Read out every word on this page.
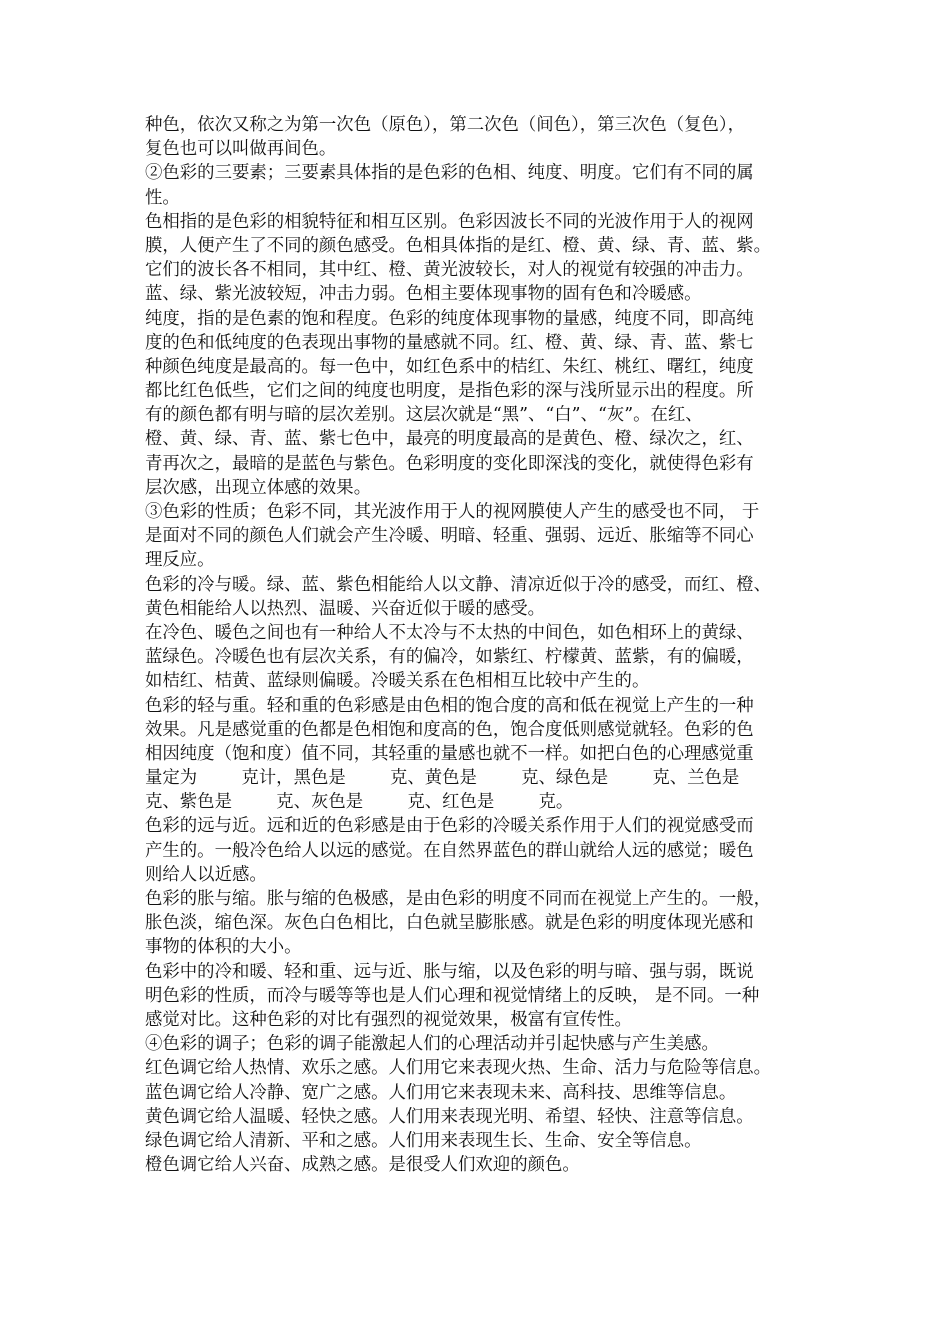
种色，依次又称之为第一次色（原色），第二次色（间色），第三次色（复色），
复色也可以叫做再间色。
②色彩的三要素；三要素具体指的是色彩的色相、纯度、明度。它们有不同的属
性。
色相指的是色彩的相貌特征和相互区别。色彩因波长不同的光波作用于人的视网
膜，人便产生了不同的颜色感受。色相具体指的是红、橙、黄、绿、青、蓝、紫。
它们的波长各不相同，其中红、橙、黄光波较长，对人的视觉有较强的冲击力。
蓝、绿、紫光波较短，冲击力弱。色相主要体现事物的固有色和冷暖感。
纯度，指的是色素的饱和程度。色彩的纯度体现事物的量感，纯度不同，即高纯
度的色和低纯度的色表现出事物的量感就不同。红、橙、黄、绿、青、蓝、紫七
种颜色纯度是最高的。每一色中，如红色系中的桔红、朱红、桃红、曙红，纯度
都比红色低些，它们之间的纯度也明度，是指色彩的深与浅所显示出的程度。所
有的颜色都有明与暗的层次差别。这层次就是“黑”、“白”、“灰”。在红、
橙、黄、绿、青、蓝、紫七色中，最亮的明度最高的是黄色、橙、绿次之，红、
青再次之，最暗的是蓝色与紫色。色彩明度的变化即深浅的变化，就使得色彩有
层次感，出现立体感的效果。
③色彩的性质；色彩不同，其光波作用于人的视网膜使人产生的感受也不同， 于
是面对不同的颜色人们就会产生冷暖、明暗、轻重、强弱、远近、胀缩等不同心
理反应。
色彩的冷与暖。绿、蓝、紫色相能给人以文静、清凉近似于冷的感受，而红、橙、
黄色相能给人以热烈、温暖、兴奋近似于暖的感受。
在冷色、暖色之间也有一种给人不太冷与不太热的中间色，如色相环上的黄绿、
蓝绿色。冷暖色也有层次关系，有的偏冷，如紫红、柠檬黄、蓝紫，有的偏暖，
如桔红、桔黄、蓝绿则偏暖。冷暖关系在色相相互比较中产生的。
色彩的轻与重。轻和重的色彩感是由色相的饱合度的高和低在视觉上产生的一种
效果。凡是感觉重的色都是色相饱和度高的色，饱合度低则感觉就轻。色彩的色
相因纯度（饱和度）值不同，其轻重的量感也就不一样。如把白色的心理感觉重
量定为        克计，黑色是        克、黄色是        克、绿色是        克、兰色是
克、紫色是        克、灰色是        克、红色是        克。
色彩的远与近。远和近的色彩感是由于色彩的冷暖关系作用于人们的视觉感受而
产生的。一般冷色给人以远的感觉。在自然界蓝色的群山就给人远的感觉；暖色
则给人以近感。
色彩的胀与缩。胀与缩的色极感，是由色彩的明度不同而在视觉上产生的。一般，
胀色淡，缩色深。灰色白色相比，白色就呈膨胀感。就是色彩的明度体现光感和
事物的体积的大小。
色彩中的冷和暖、轻和重、远与近、胀与缩，以及色彩的明与暗、强与弱，既说
明色彩的性质，而冷与暖等等也是人们心理和视觉情绪上的反映， 是不同。一种
感觉对比。这种色彩的对比有强烈的视觉效果，极富有宣传性。
④色彩的调子；色彩的调子能激起人们的心理活动并引起快感与产生美感。
红色调它给人热情、欢乐之感。人们用它来表现火热、生命、活力与危险等信息。
蓝色调它给人冷静、宽广之感。人们用它来表现未来、高科技、思维等信息。
黄色调它给人温暖、轻快之感。人们用来表现光明、希望、轻快、注意等信息。
绿色调它给人清新、平和之感。人们用来表现生长、生命、安全等信息。
橙色调它给人兴奋、成熟之感。是很受人们欢迎的颜色。
